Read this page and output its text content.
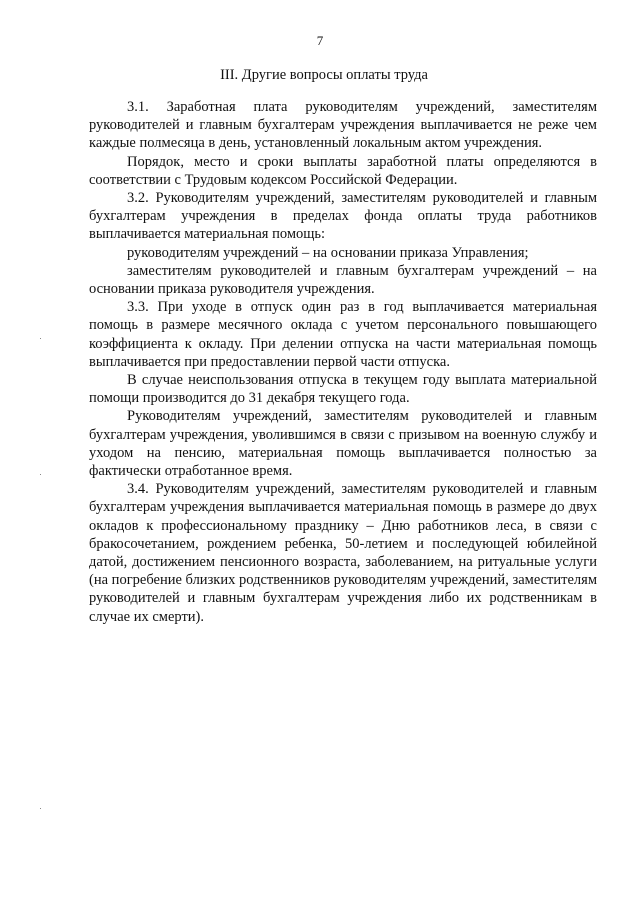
7
III. Другие вопросы оплаты труда

3.1. Заработная плата руководителям учреждений, заместителям руководителей и главным бухгалтерам учреждения выплачивается не реже чем каждые полмесяца в день, установленный локальным актом учреждения.

Порядок, место и сроки выплаты заработной платы определяются в соответствии с Трудовым кодексом Российской Федерации.

3.2. Руководителям учреждений, заместителям руководителей и главным бухгалтерам учреждения в пределах фонда оплаты труда работников выплачивается материальная помощь:

руководителям учреждений – на основании приказа Управления;

заместителям руководителей и главным бухгалтерам учреждений – на основании приказа руководителя учреждения.

3.3. При уходе в отпуск один раз в год выплачивается материальная помощь в размере месячного оклада с учетом персонального повышающего коэффициента к окладу. При делении отпуска на части материальная помощь выплачивается при предоставлении первой части отпуска.

В случае неиспользования отпуска в текущем году выплата материальной помощи производится до 31 декабря текущего года.

Руководителям учреждений, заместителям руководителей и главным бухгалтерам учреждения, уволившимся в связи с призывом на военную службу и уходом на пенсию, материальная помощь выплачивается полностью за фактически отработанное время.

3.4. Руководителям учреждений, заместителям руководителей и главным бухгалтерам учреждения выплачивается материальная помощь в размере до двух окладов к профессиональному празднику – Дню работников леса, в связи с бракосочетанием, рождением ребенка, 50-летием и последующей юбилейной датой, достижением пенсионного возраста, заболеванием, на ритуальные услуги (на погребение близких родственников руководителям учреждений, заместителям руководителей и главным бухгалтерам учреждения либо их родственникам в случае их смерти).
